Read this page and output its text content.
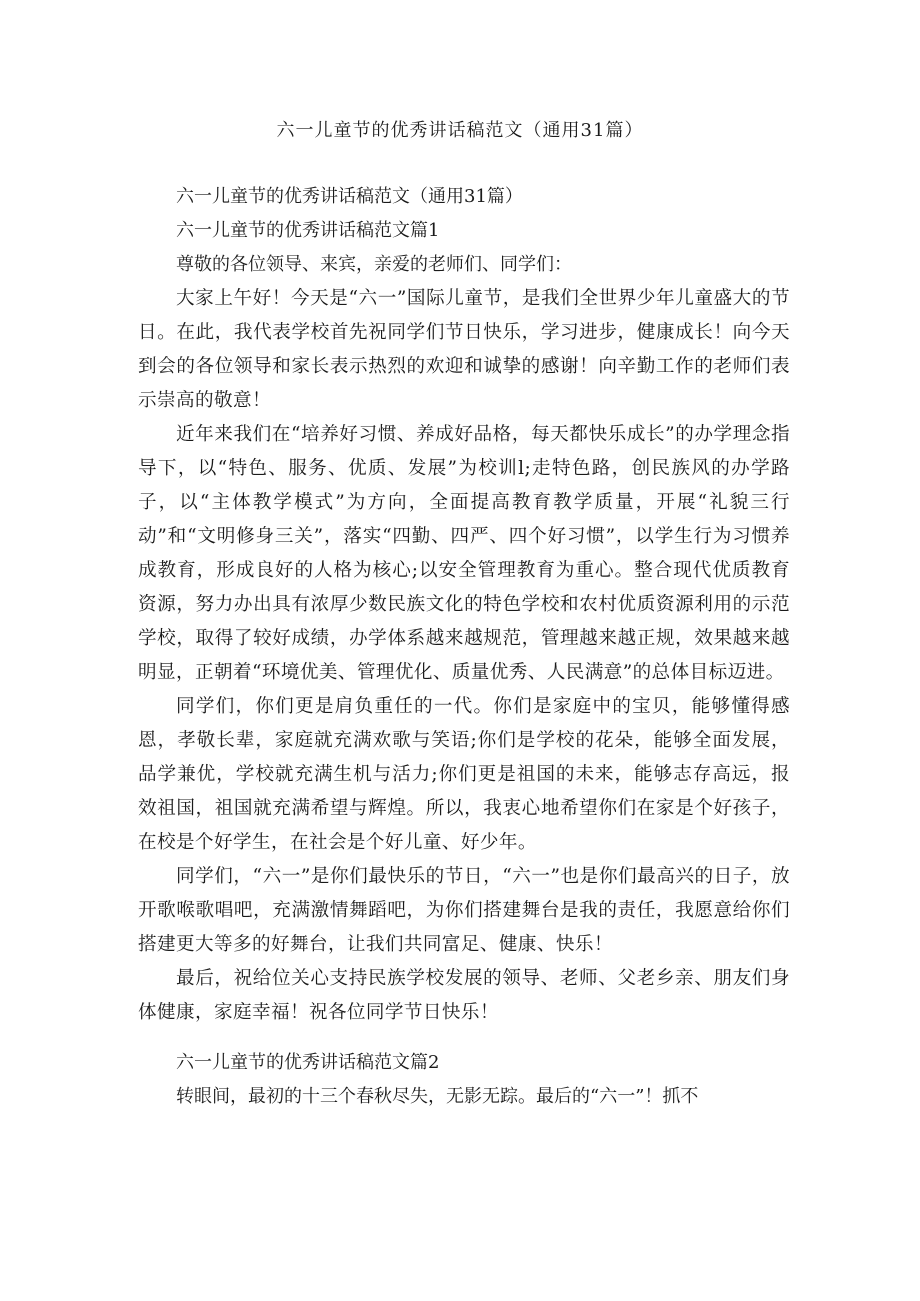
六一儿童节的优秀讲话稿范文（通用31篇）

六一儿童节的优秀讲话稿范文（通用31篇）

六一儿童节的优秀讲话稿范文篇1

尊敬的各位领导、来宾，亲爱的老师们、同学们：

大家上午好！今天是“六一”国际儿童节，是我们全世界少年儿童盛大的节日。在此，我代表学校首先祝同学们节日快乐，学习进步，健康成长！向今天到会的各位领导和家长表示热烈的欢迎和诚挚的感谢！向辛勤工作的老师们表示崇高的敬意！

近年来我们在“培养好习惯、养成好品格，每天都快乐成长”的办学理念指导下，以“特色、服务、优质、发展”为校训l;走特色路，创民族风的办学路子，以“主体教学模式”为方向，全面提高教育教学质量，开展“礼貌三行动”和“文明修身三关”，落实“四勤、四严、四个好习惯”，以学生行为习惯养成教育，形成良好的人格为核心;以安全管理教育为重心。整合现代优质教育资源，努力办出具有浓厚少数民族文化的特色学校和农村优质资源利用的示范学校，取得了较好成绩，办学体系越来越规范，管理越来越正规，效果越来越明显，正朝着“环境优美、管理优化、质量优秀、人民满意”的总体目标迈进。

同学们，你们更是肩负重任的一代。你们是家庭中的宝贝，能够懂得感恩，孝敬长辈，家庭就充满欢歌与笑语;你们是学校的花朵，能够全面发展，品学兼优，学校就充满生机与活力;你们更是祖国的未来，能够志存高远，报效祖国，祖国就充满希望与辉煌。所以，我衷心地希望你们在家是个好孩子，在校是个好学生，在社会是个好儿童、好少年。

同学们，“六一”是你们最快乐的节日，“六一”也是你们最高兴的日子，放开歌喉歌唱吧，充满激情舞蹈吧，为你们搭建舞台是我的责任，我愿意给你们搭建更大等多的好舞台，让我们共同富足、健康、快乐！

最后，祝给位关心支持民族学校发展的领导、老师、父老乡亲、朋友们身体健康，家庭幸福！祝各位同学节日快乐！

六一儿童节的优秀讲话稿范文篇2

转眼间，最初的十三个春秋尽失，无影无踪。最后的“六一”！抓不
